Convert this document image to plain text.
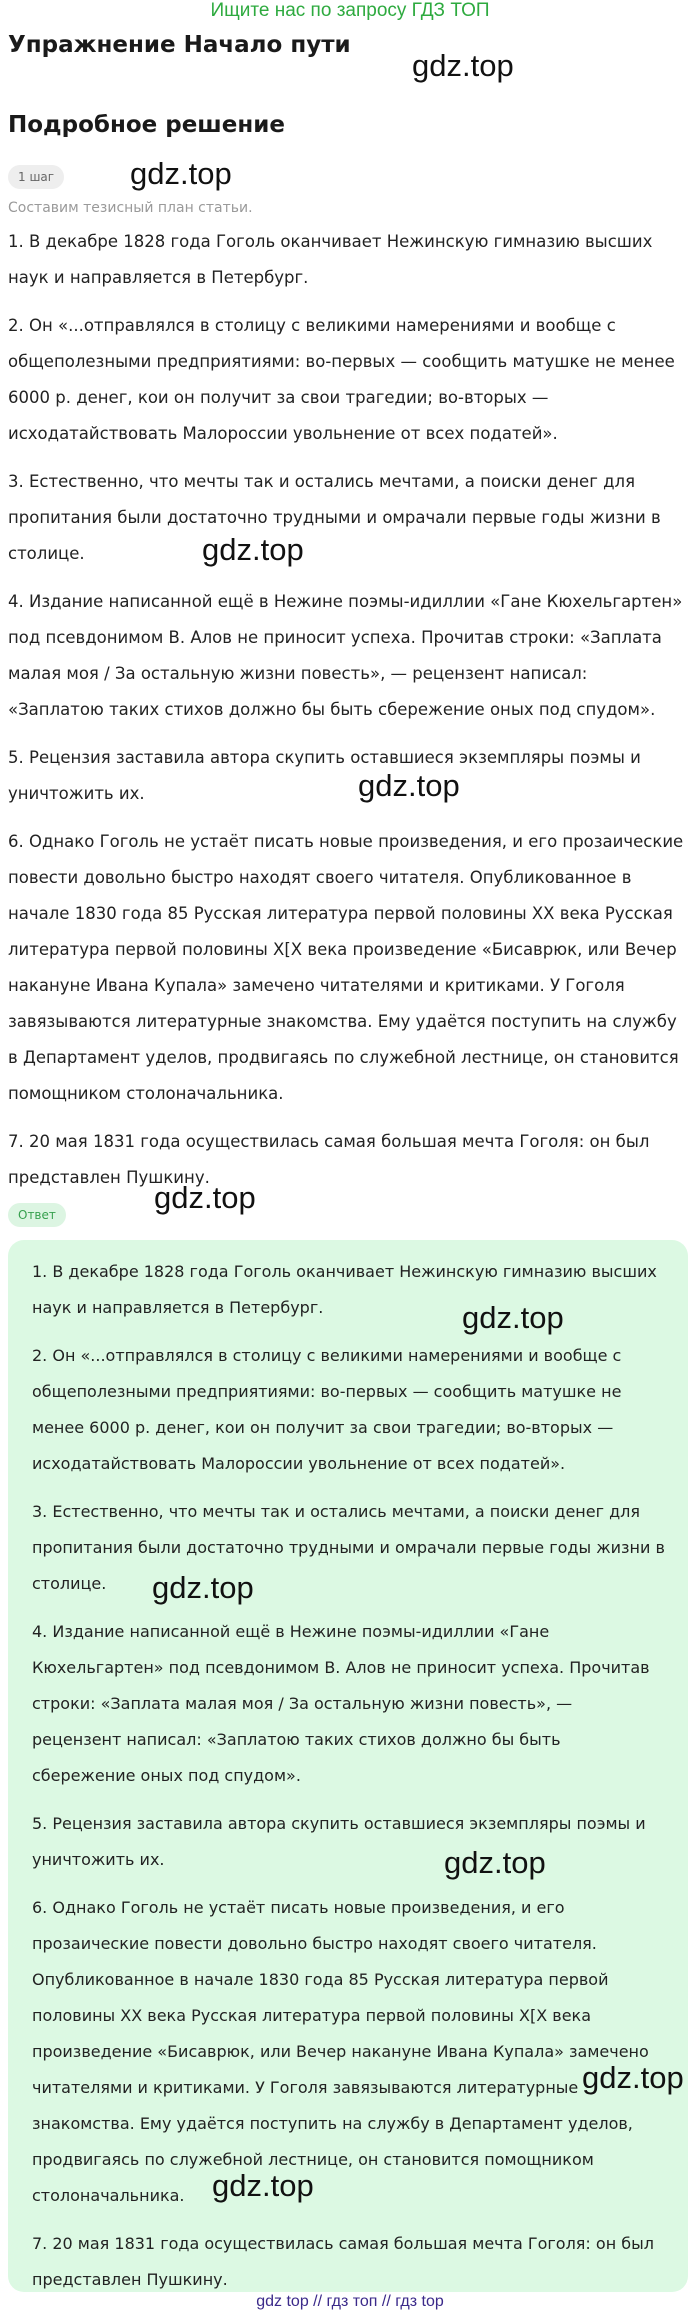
Ищите нас по запросу ГДЗ ТОП
Упражнение Начало пути
Подробное решение
1 шаг
Составим тезисный план статьи.

1. В декабре 1828 года Гоголь оканчивает Нежинскую гимназию высших наук и направляется в Петербург.

2. Он «...отправлялся в столицу с великими намерениями и вообще с общеполезными предприятиями: во-первых — сообщить матушке не менее 6000 р. денег, кои он получит за свои трагедии; во-вторых — исходатайствовать Малороссии увольнение от всех податей».

3. Естественно, что мечты так и остались мечтами, а поиски денег для пропитания были достаточно трудными и омрачали первые годы жизни в столице.

4. Издание написанной ещё в Нежине поэмы-идиллии «Гане Кюхельгартен» под псевдонимом В. Алов не приносит успеха. Прочитав строки: «Заплата малая моя / За остальную жизни повесть», — рецензент написал: «Заплатою таких стихов должно бы быть сбережение оных под спудом».

5. Рецензия заставила автора скупить оставшиеся экземпляры поэмы и уничтожить их.

6. Однако Гоголь не устаёт писать новые произведения, и его прозаические повести довольно быстро находят своего читателя. Опубликованное в начале 1830 года 85 Русская литература первой половины XX века Русская литература первой половины X[X века произведение «Бисаврюк, или Вечер накануне Ивана Купала» замечено читателями и критиками. У Гоголя завязываются литературные знакомства. Ему удаётся поступить на службу в Департамент уделов, продвигаясь по служебной лестнице, он становится помощником столоначальника.

7. 20 мая 1831 года осуществилась самая большая мечта Гоголя: он был представлен Пушкину.

Ответ

1. В декабре 1828 года Гоголь оканчивает Нежинскую гимназию высших наук и направляется в Петербург.

2. Он «...отправлялся в столицу с великими намерениями и вообще с общеполезными предприятиями: во-первых — сообщить матушке не менее 6000 р. денег, кои он получит за свои трагедии; во-вторых — исходатайствовать Малороссии увольнение от всех податей».

3. Естественно, что мечты так и остались мечтами, а поиски денег для пропитания были достаточно трудными и омрачали первые годы жизни в столице.

4. Издание написанной ещё в Нежине поэмы-идиллии «Гане Кюхельгартен» под псевдонимом В. Алов не приносит успеха. Прочитав строки: «Заплата малая моя / За остальную жизни повесть», — рецензент написал: «Заплатою таких стихов должно бы быть сбережение оных под спудом».

5. Рецензия заставила автора скупить оставшиеся экземпляры поэмы и уничтожить их.

6. Однако Гоголь не устаёт писать новые произведения, и его прозаические повести довольно быстро находят своего читателя. Опубликованное в начале 1830 года 85 Русская литература первой половины XX века Русская литература первой половины X[X века произведение «Бисаврюк, или Вечер накануне Ивана Купала» замечено читателями и критиками. У Гоголя завязываются литературные знакомства. Ему удаётся поступить на службу в Департамент уделов, продвигаясь по служебной лестнице, он становится помощником столоначальника.

7. 20 мая 1831 года осуществилась самая большая мечта Гоголя: он был представлен Пушкину.

gdz.top
gdz.top
gdz.top
gdz.top
gdz.top
gdz.top
gdz.top
gdz.top
gdz.top
gdz.top
gdz top // гдз топ // гдз top
